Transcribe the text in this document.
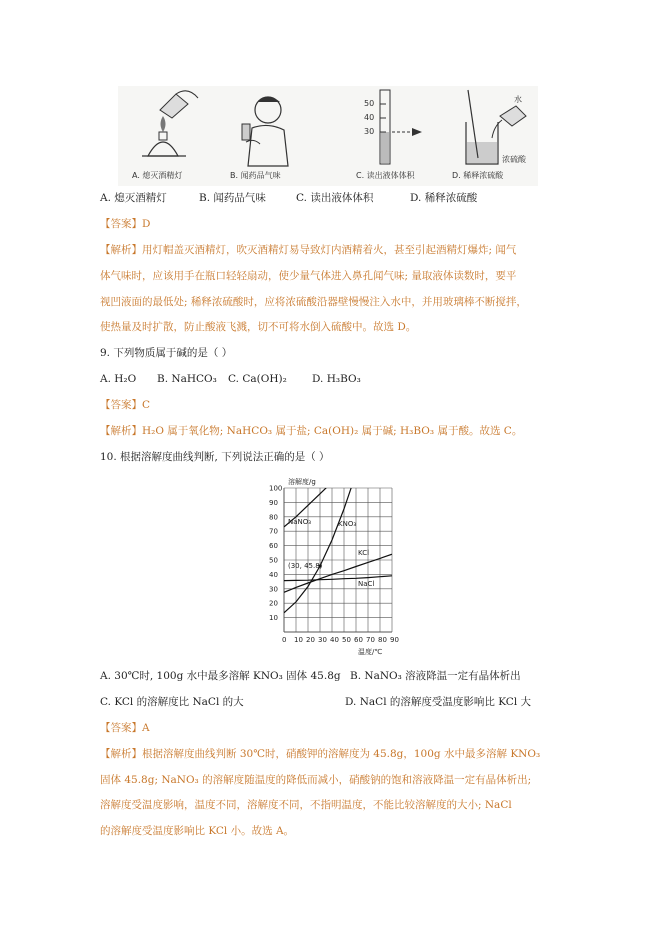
50
40
30
水
浓硫酸
A. 熄灭酒精灯	B. 闻药品气味	C. 读出液体体积	D. 稀释浓硫酸
A. 熄灭酒精灯	B. 闻药品气味	C. 读出液体体积	D. 稀释浓硫酸
【答案】D
【解析】用灯帽盖灭酒精灯，吹灭酒精灯易导致灯内酒精着火，甚至引起酒精灯爆炸; 闻气
体气味时，应该用手在瓶口轻轻扇动，使少量气体进入鼻孔闻气味; 量取液体读数时，要平
视凹液面的最低处; 稀释浓硫酸时，应将浓硫酸沿器壁慢慢注入水中，并用玻璃棒不断搅拌，
使热量及时扩散，防止酸液飞溅，切不可将水倒入硫酸中。故选 D。
9. 下列物质属于碱的是（ ）
A. H₂O B. NaHCO₃ C. Ca(OH)₂ D. H₃BO₃
【答案】C
【解析】H₂O 属于氧化物; NaHCO₃ 属于盐; Ca(OH)₂ 属于碱; H₃BO₃ 属于酸。故选 C。
10. 根据溶解度曲线判断, 下列说法正确的是（ ）
NaNO₃	KNO₃
KCl
NaCl
0 10 20 30 40 50 60 70 80 90
100
90
80
70
60
50
40
30
20
10
溶解度/g
温度/℃
(30, 45.8)
A. 30℃时, 100g 水中最多溶解 KNO₃ 固体 45.8g B. NaNO₃ 溶液降温一定有晶体析出
C. KCl 的溶解度比 NaCl 的大	D. NaCl 的溶解度受温度影响比 KCl 大
【答案】A
【解析】根据溶解度曲线判断 30℃时，硝酸钾的溶解度为 45.8g，100g 水中最多溶解 KNO₃
固体 45.8g; NaNO₃ 的溶解度随温度的降低而减小，硝酸钠的饱和溶液降温一定有晶体析出;
溶解度受温度影响，温度不同，溶解度不同，不指明温度，不能比较溶解度的大小; NaCl
的溶解度受温度影响比 KCl 小。故选 A。
